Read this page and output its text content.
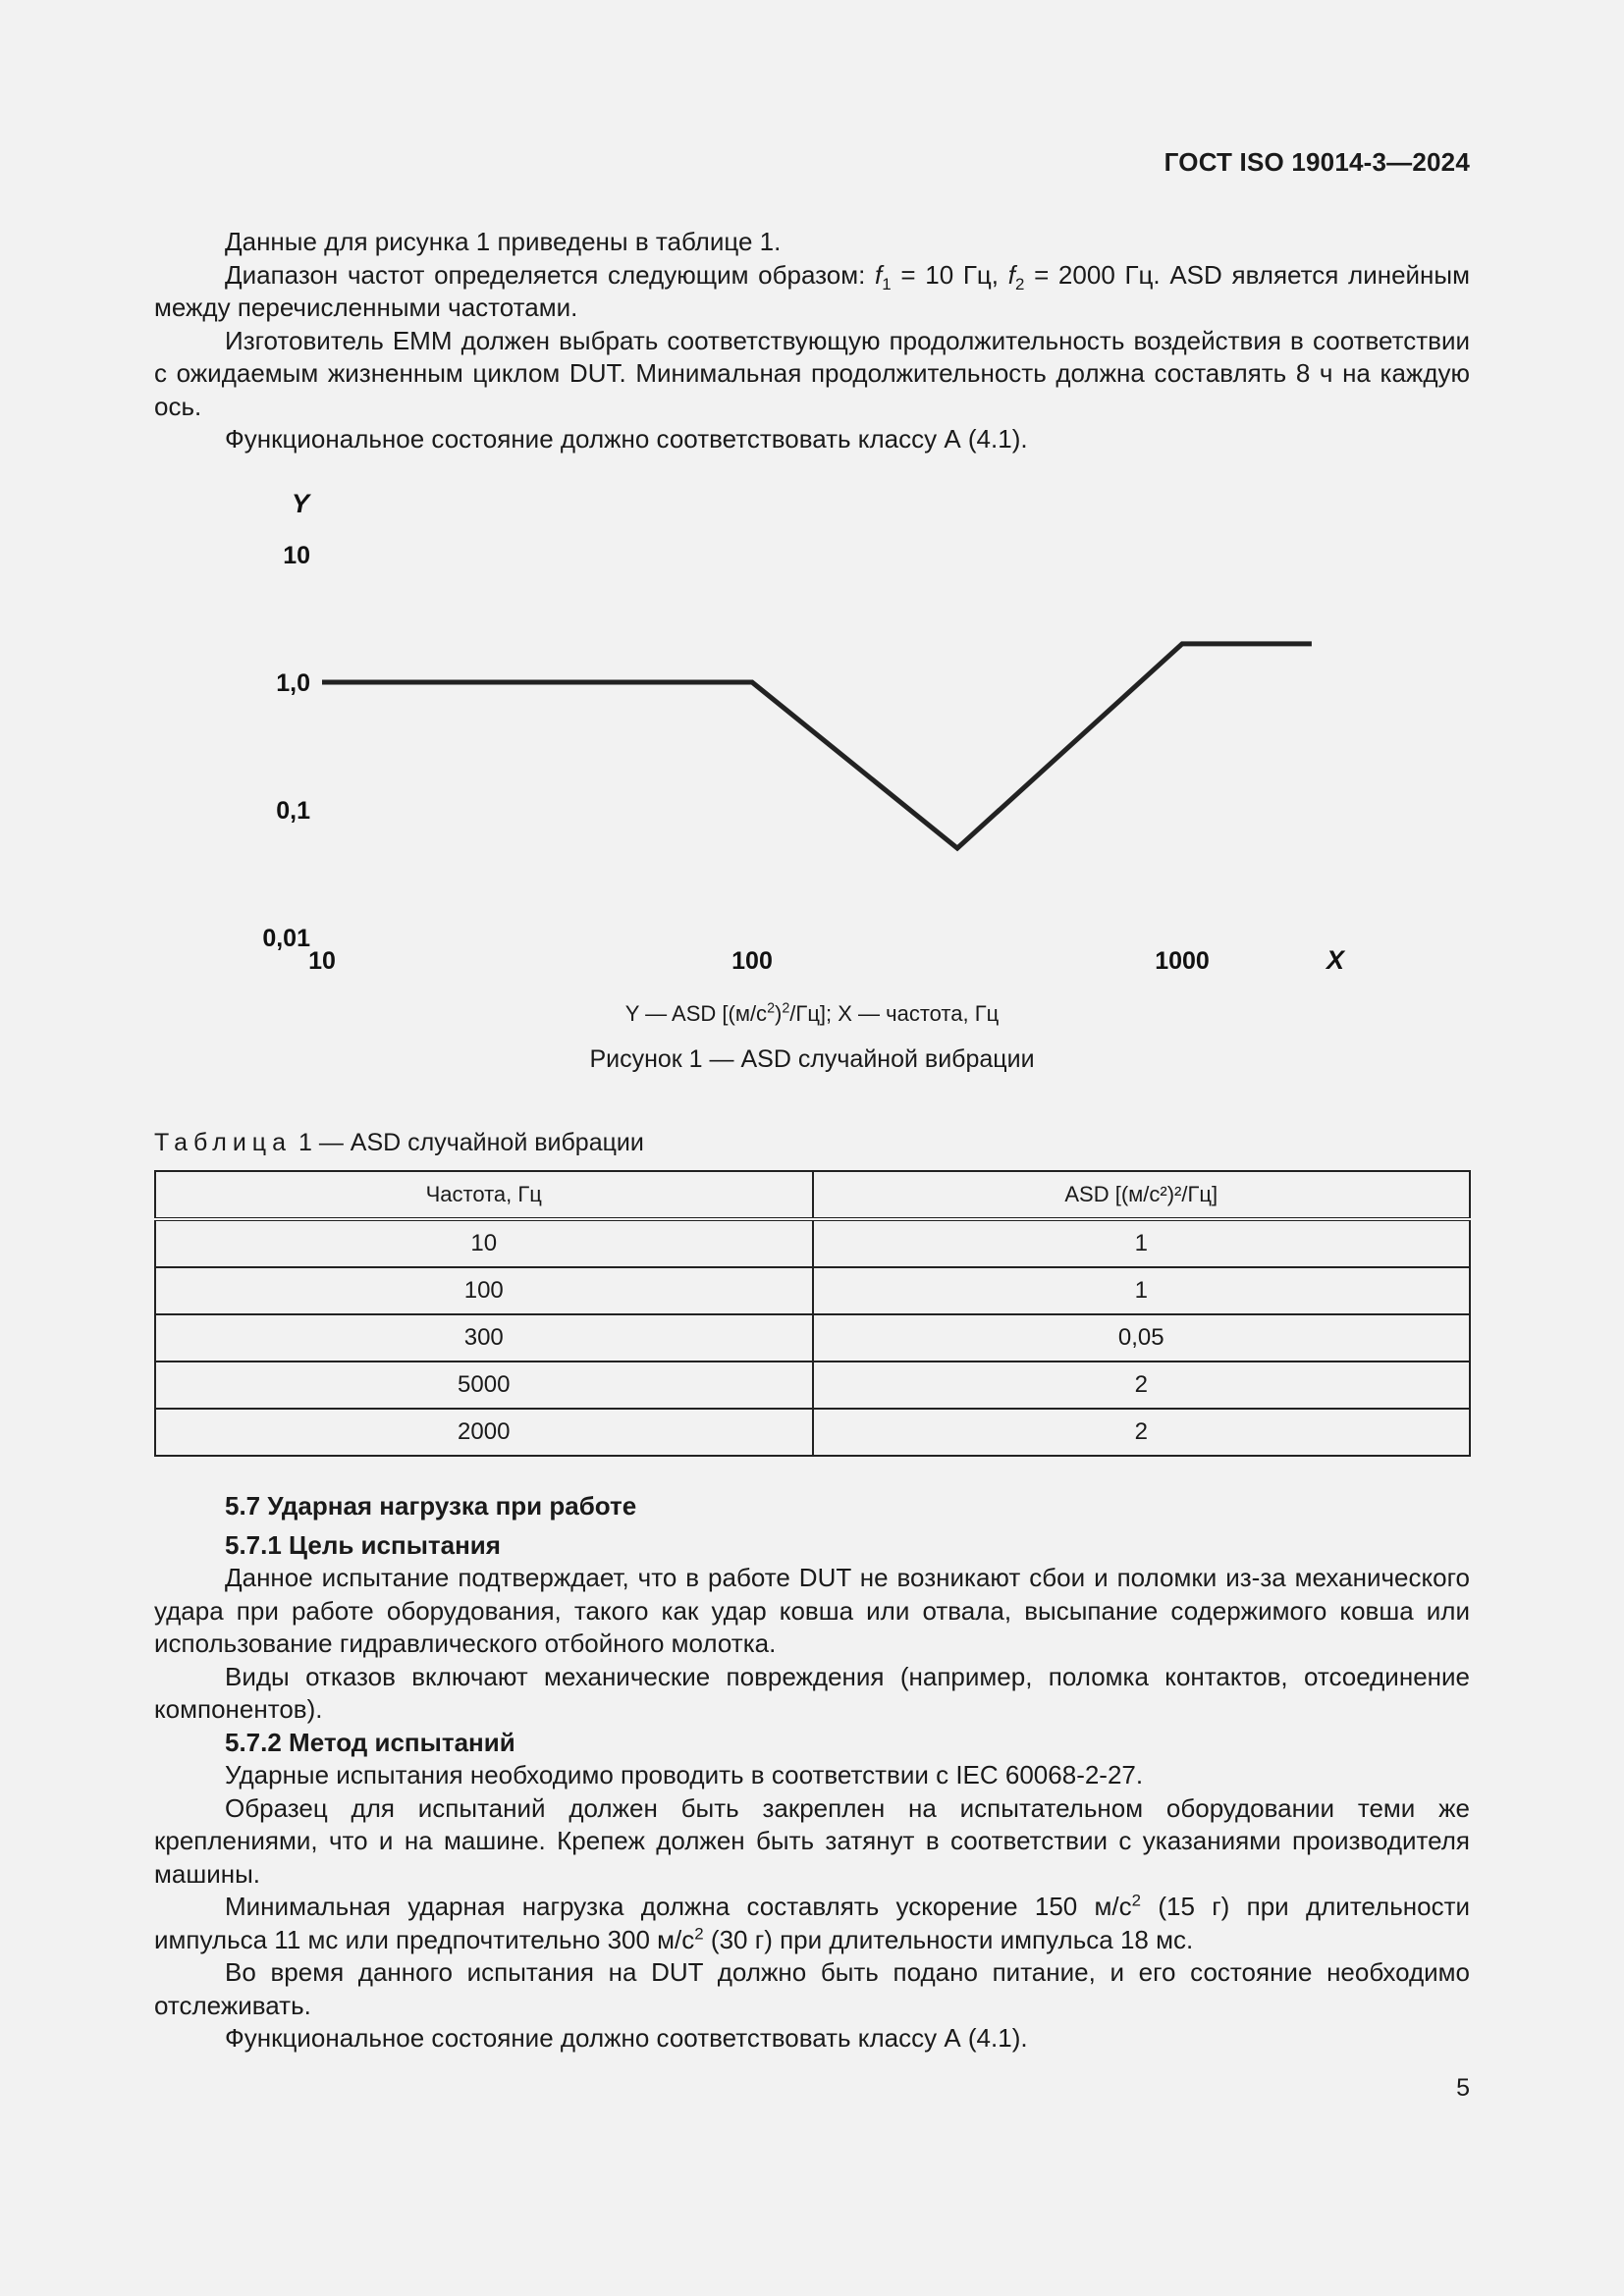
ГОСТ ISO 19014-3—2024

Данные для рисунка 1 приведены в таблице 1.

Диапазон частот определяется следующим образом: $f_1 = 10$ Гц, $f_2 = 2000$ Гц. ASD является линейным между перечисленными частотами.

Изготовитель ЕММ должен выбрать соответствующую продолжительность воздействия в соответствии с ожидаемым жизненным циклом DUT. Минимальная продолжительность должна составлять 8 ч на каждую ось.

Функциональное состояние должно соответствовать классу А (4.1).

10
1,0
0,1
0,01
10	100	1000
Y
X
Y — ASD $[(м/с^2)^2/Гц]$; X — частота, Гц
Рисунок 1 — ASD случайной вибрации
Таблица 1 — ASD случайной вибрации
Частота, Гц	ASD [(м/с²)²/Гц]
10	1
100	1
300	0,05
5000	2
2000	2

5.7 Ударная нагрузка при работе

5.7.1 Цель испытания

Данное испытание подтверждает, что в работе DUT не возникают сбои и поломки из-за механического удара при работе оборудования, такого как удар ковша или отвала, высыпание содержимого ковша или использование гидравлического отбойного молотка.

Виды отказов включают механические повреждения (например, поломка контактов, отсоединение компонентов).

5.7.2 Метод испытаний

Ударные испытания необходимо проводить в соответствии с IEC 60068-2-27.

Образец для испытаний должен быть закреплен на испытательном оборудовании теми же креплениями, что и на машине. Крепеж должен быть затянут в соответствии с указаниями производителя машины.

Минимальная ударная нагрузка должна составлять ускорение 150 $м/с^2$ (15 г) при длительности импульса 11 мс или предпочтительно 300 $м/с^2$ (30 г) при длительности импульса 18 мс.

Во время данного испытания на DUT должно быть подано питание, и его состояние необходимо отслеживать.

Функциональное состояние должно соответствовать классу А (4.1).

5
